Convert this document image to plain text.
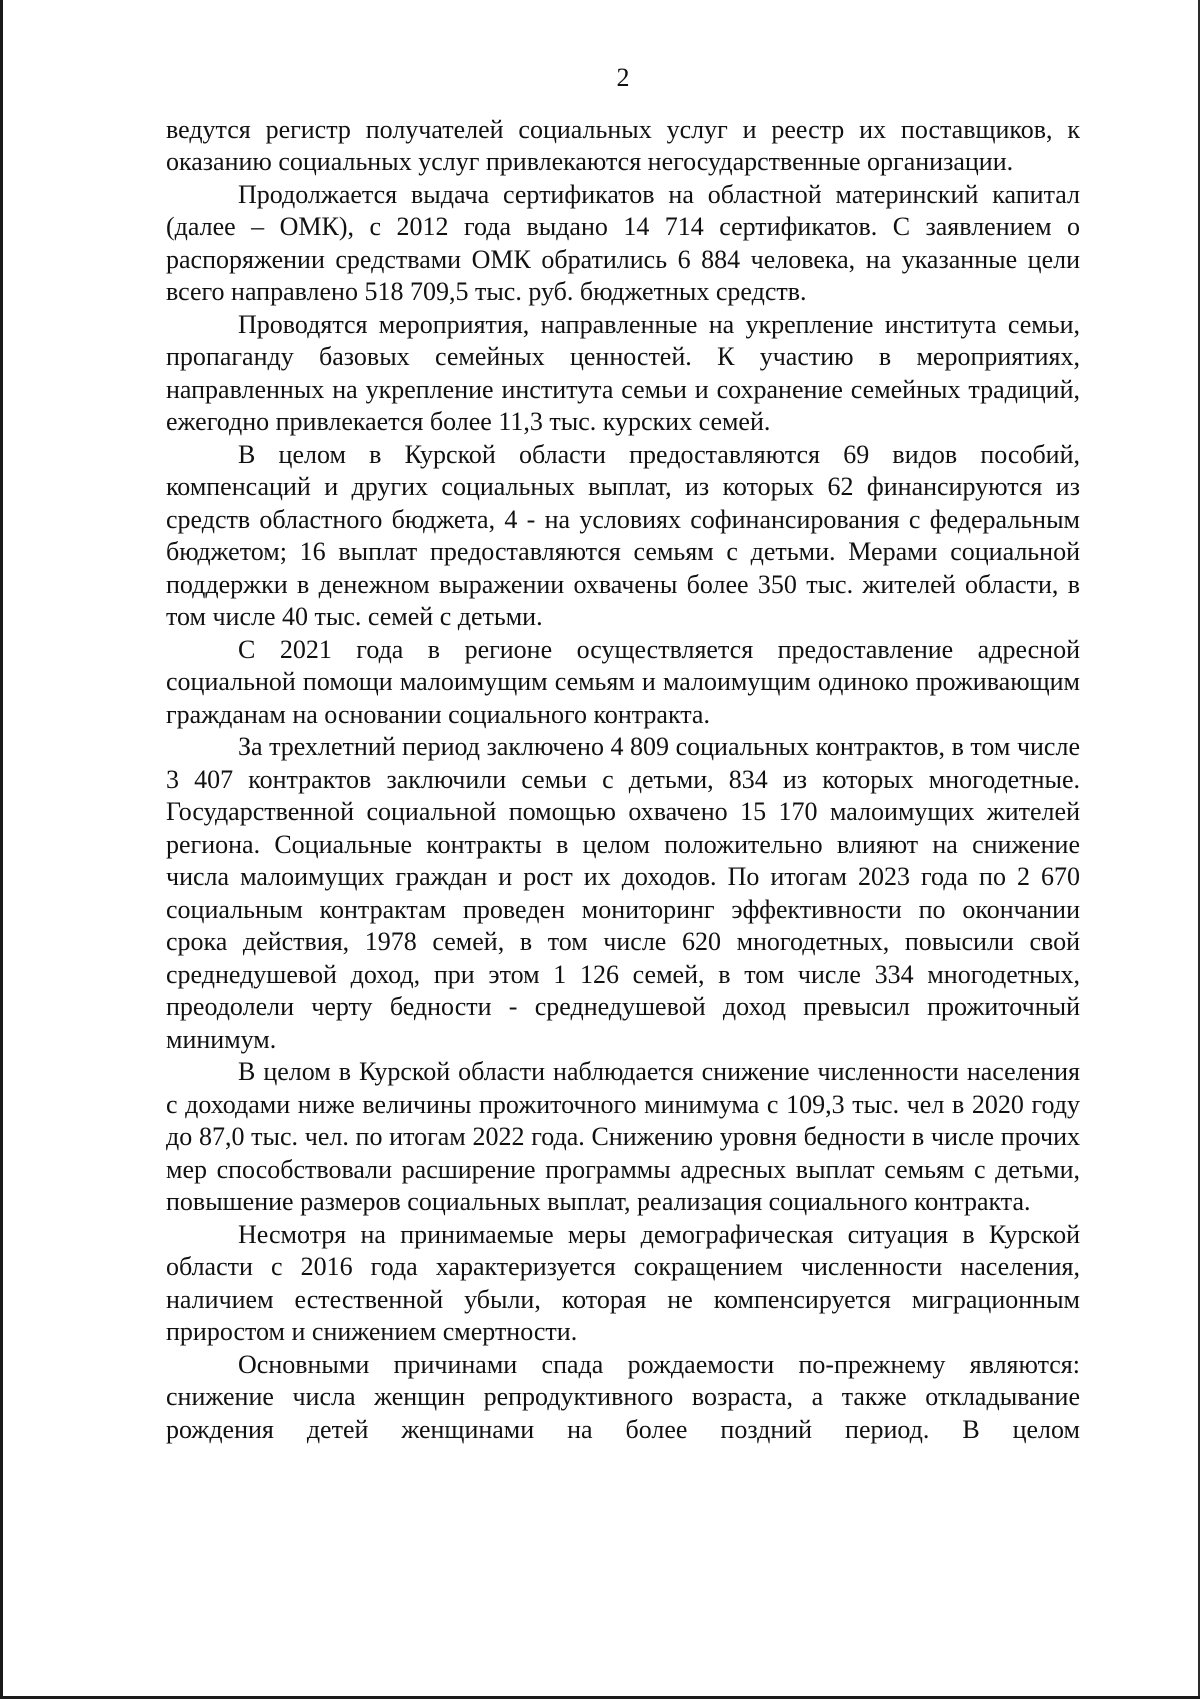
2

ведутся регистр получателей социальных услуг и реестр их поставщиков, к оказанию социальных услуг привлекаются негосударственные организации.

Продолжается выдача сертификатов на областной материнский капитал (далее – ОМК), с 2012 года выдано 14 714 сертификатов. С заявлением о распоряжении средствами ОМК обратились 6 884 человека, на указанные цели всего направлено 518 709,5 тыс. руб. бюджетных средств.

Проводятся мероприятия, направленные на укрепление института семьи, пропаганду базовых семейных ценностей. К участию в мероприятиях, направленных на укрепление института семьи и сохранение семейных традиций, ежегодно привлекается более 11,3 тыс. курских семей.

В целом в Курской области предоставляются 69 видов пособий, компенсаций и других социальных выплат, из которых 62 финансируются из средств областного бюджета, 4 - на условиях софинансирования с федеральным бюджетом; 16 выплат предоставляются семьям с детьми. Мерами социальной поддержки в денежном выражении охвачены более 350 тыс. жителей области, в том числе 40 тыс. семей с детьми.

С 2021 года в регионе осуществляется предоставление адресной социальной помощи малоимущим семьям и малоимущим одиноко проживающим гражданам на основании социального контракта.

За трехлетний период заключено 4 809 социальных контрактов, в том числе 3 407 контрактов заключили семьи с детьми, 834 из которых многодетные. Государственной социальной помощью охвачено 15 170 малоимущих жителей региона. Социальные контракты в целом положительно влияют на снижение числа малоимущих граждан и рост их доходов. По итогам 2023 года по 2 670 социальным контрактам проведен мониторинг эффективности по окончании срока действия, 1978 семей, в том числе 620 многодетных, повысили свой среднедушевой доход, при этом 1 126 семей, в том числе 334 многодетных, преодолели черту бедности - среднедушевой доход превысил прожиточный минимум.

В целом в Курской области наблюдается снижение численности населения с доходами ниже величины прожиточного минимума с 109,3 тыс. чел в 2020 году до 87,0 тыс. чел. по итогам 2022 года. Снижению уровня бедности в числе прочих мер способствовали расширение программы адресных выплат семьям с детьми, повышение размеров социальных выплат, реализация социального контракта.

Несмотря на принимаемые меры демографическая ситуация в Курской области с 2016 года характеризуется сокращением численности населения, наличием естественной убыли, которая не компенсируется миграционным приростом и снижением смертности.

Основными причинами спада рождаемости по-прежнему являются: снижение числа женщин репродуктивного возраста, а также откладывание рождения детей женщинами на более поздний период. В целом
